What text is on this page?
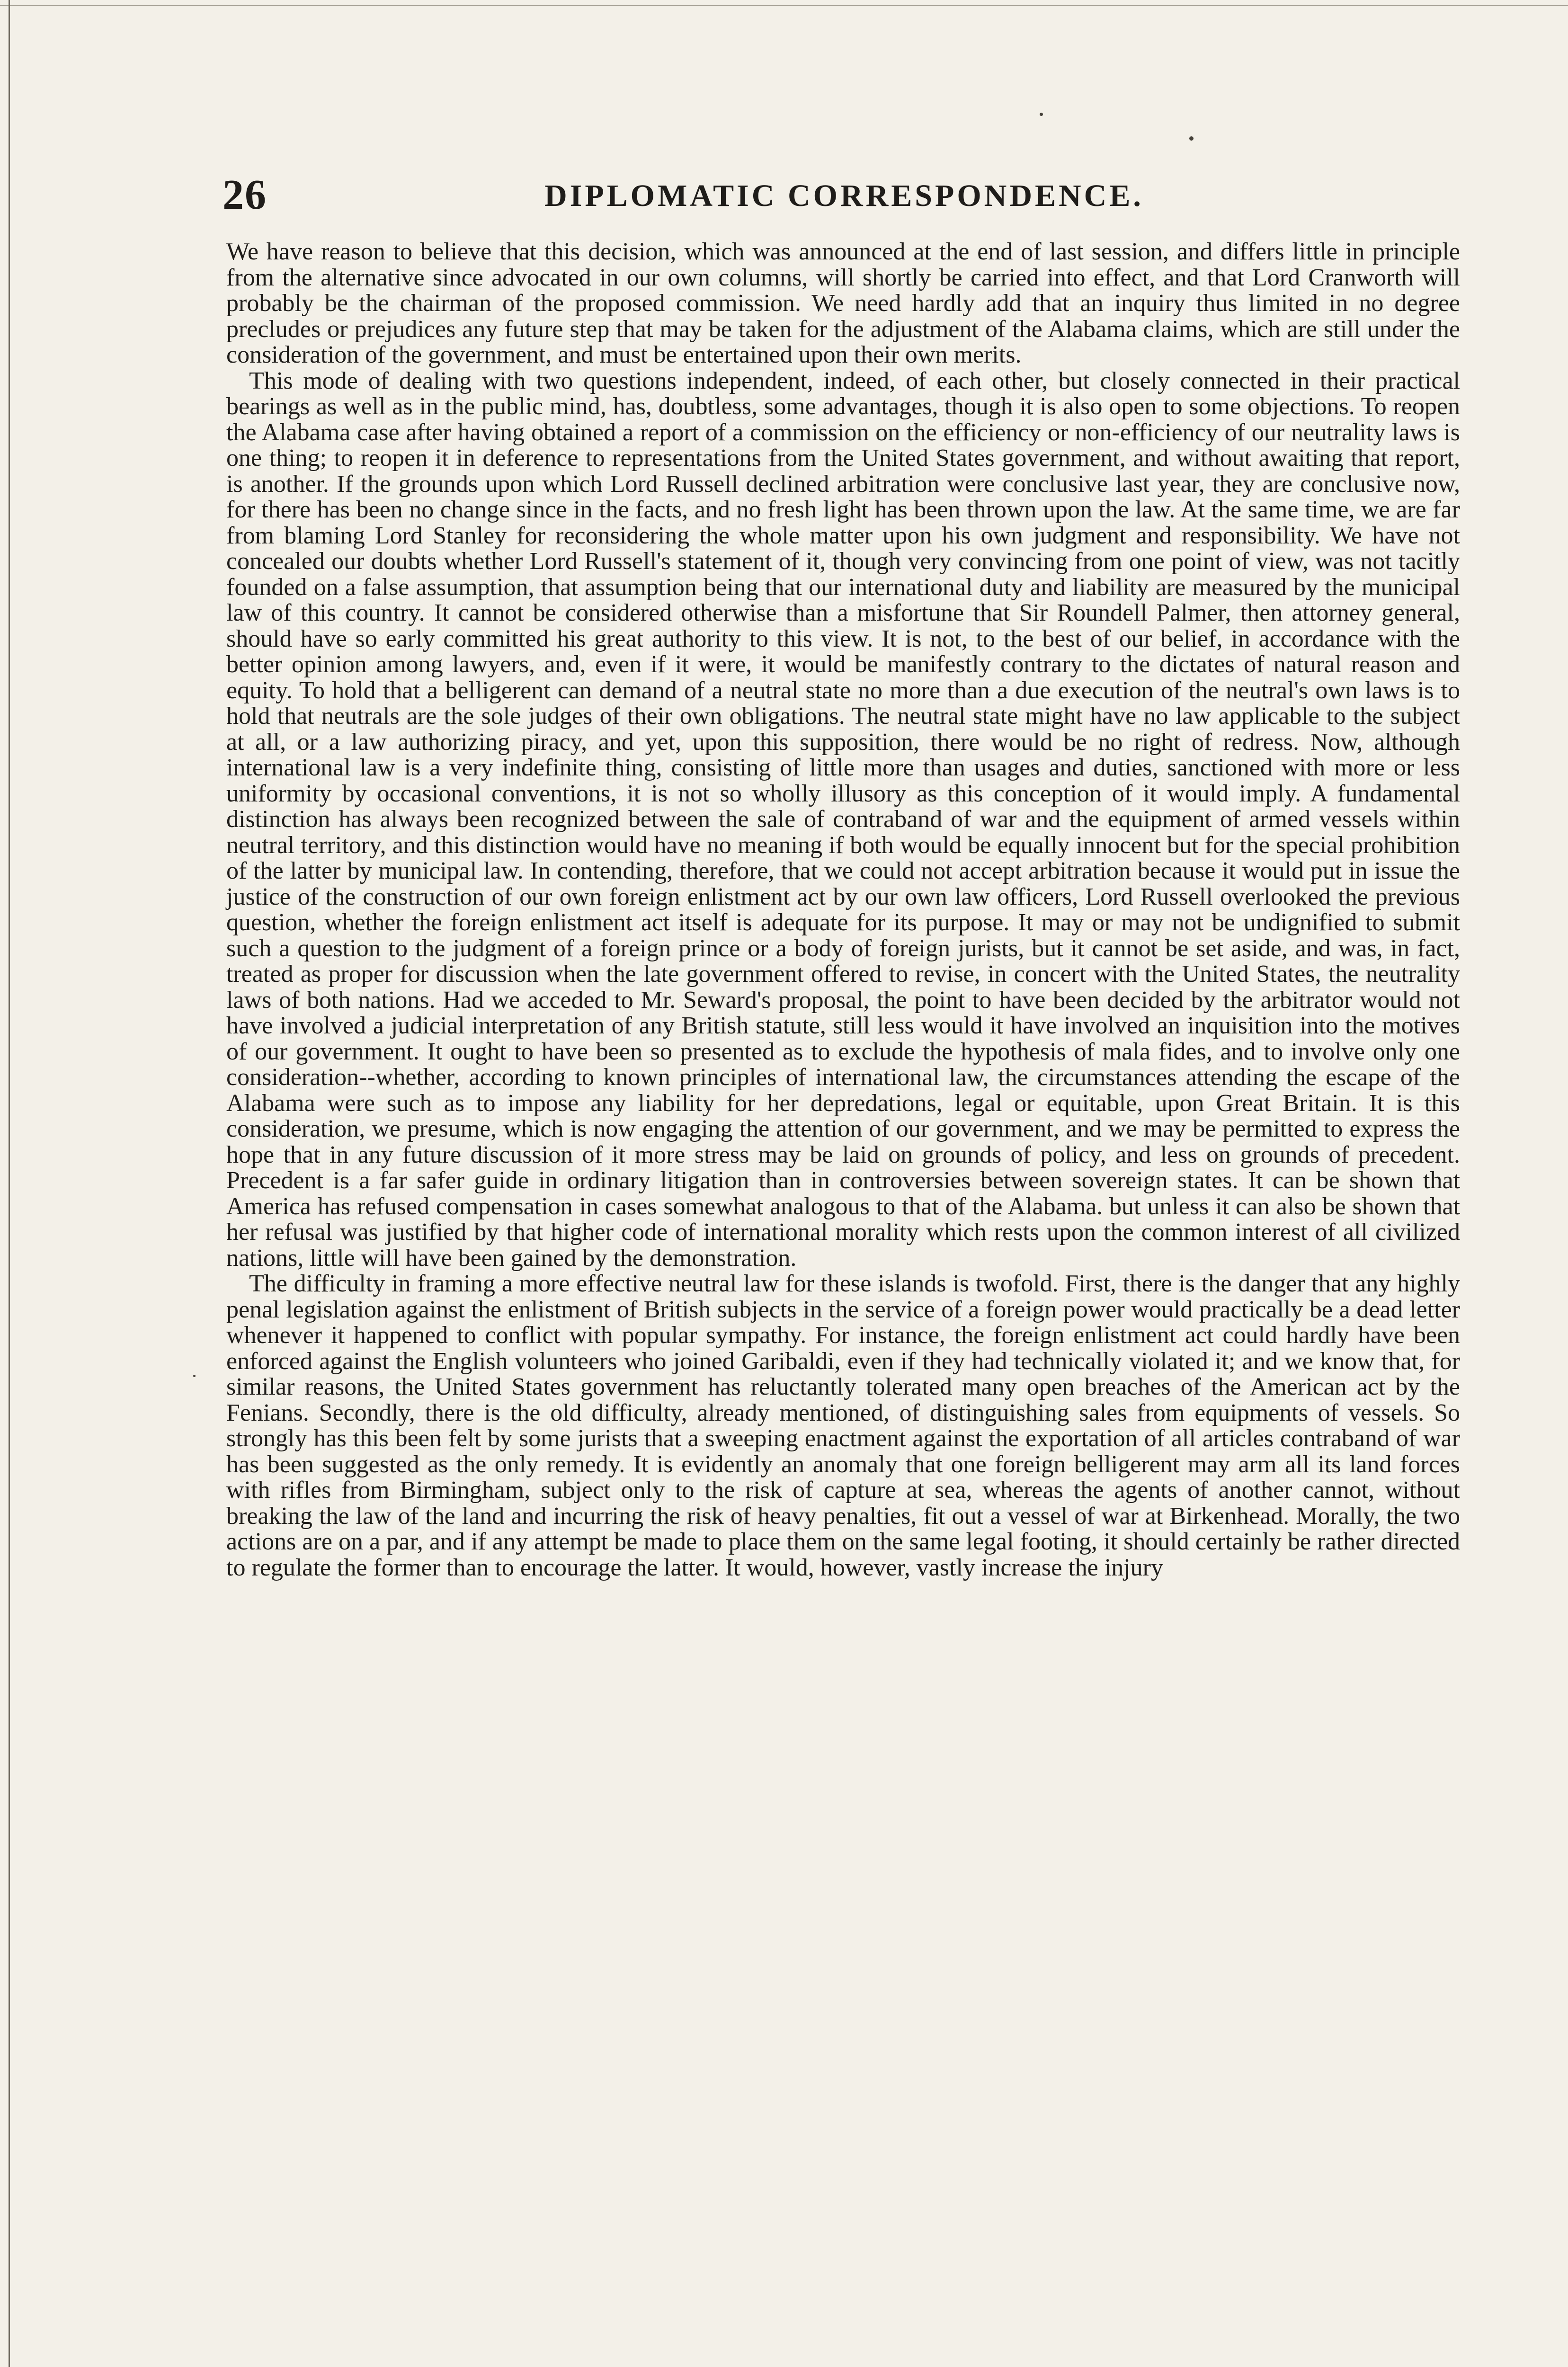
26	DIPLOMATIC CORRESPONDENCE.

We have reason to believe that this decision, which was announced at the end of last session, and differs little in principle from the alternative since advocated in our own columns, will shortly be carried into effect, and that Lord Cranworth will probably be the chairman of the proposed commission. We need hardly add that an inquiry thus limited in no degree precludes or prejudices any future step that may be taken for the adjustment of the Alabama claims, which are still under the consideration of the government, and must be entertained upon their own merits.

This mode of dealing with two questions independent, indeed, of each other, but closely connected in their practical bearings as well as in the public mind, has, doubtless, some advantages, though it is also open to some objections. To reopen the Alabama case after having obtained a report of a commission on the efficiency or non-efficiency of our neutrality laws is one thing; to reopen it in deference to representations from the United States government, and without awaiting that report, is another. If the grounds upon which Lord Russell declined arbitration were conclusive last year, they are conclusive now, for there has been no change since in the facts, and no fresh light has been thrown upon the law. At the same time, we are far from blaming Lord Stanley for reconsidering the whole matter upon his own judgment and responsibility. We have not concealed our doubts whether Lord Russell's statement of it, though very convincing from one point of view, was not tacitly founded on a false assumption, that assumption being that our international duty and liability are measured by the municipal law of this country. It cannot be considered otherwise than a misfortune that Sir Roundell Palmer, then attorney general, should have so early committed his great authority to this view. It is not, to the best of our belief, in accordance with the better opinion among lawyers, and, even if it were, it would be manifestly contrary to the dictates of natural reason and equity. To hold that a belligerent can demand of a neutral state no more than a due execution of the neutral's own laws is to hold that neutrals are the sole judges of their own obligations. The neutral state might have no law applicable to the subject at all, or a law authorizing piracy, and yet, upon this supposition, there would be no right of redress. Now, although international law is a very indefinite thing, consisting of little more than usages and duties, sanctioned with more or less uniformity by occasional conventions, it is not so wholly illusory as this conception of it would imply. A fundamental distinction has always been recognized between the sale of contraband of war and the equipment of armed vessels within neutral territory, and this distinction would have no meaning if both would be equally innocent but for the special prohibition of the latter by municipal law. In contending, therefore, that we could not accept arbitration because it would put in issue the justice of the construction of our own foreign enlistment act by our own law officers, Lord Russell overlooked the previous question, whether the foreign enlistment act itself is adequate for its purpose. It may or may not be undignified to submit such a question to the judgment of a foreign prince or a body of foreign jurists, but it cannot be set aside, and was, in fact, treated as proper for discussion when the late government offered to revise, in concert with the United States, the neutrality laws of both nations. Had we acceded to Mr. Seward's proposal, the point to have been decided by the arbitrator would not have involved a judicial interpretation of any British statute, still less would it have involved an inquisition into the motives of our government. It ought to have been so presented as to exclude the hypothesis of mala fides, and to involve only one consideration--whether, according to known principles of international law, the circumstances attending the escape of the Alabama were such as to impose any liability for her depredations, legal or equitable, upon Great Britain. It is this consideration, we presume, which is now engaging the attention of our government, and we may be permitted to express the hope that in any future discussion of it more stress may be laid on grounds of policy, and less on grounds of precedent. Precedent is a far safer guide in ordinary litigation than in controversies between sovereign states. It can be shown that America has refused compensation in cases somewhat analogous to that of the Alabama. but unless it can also be shown that her refusal was justified by that higher code of international morality which rests upon the common interest of all civilized nations, little will have been gained by the demonstration.

The difficulty in framing a more effective neutral law for these islands is twofold. First, there is the danger that any highly penal legislation against the enlistment of British subjects in the service of a foreign power would practically be a dead letter whenever it happened to conflict with popular sympathy. For instance, the foreign enlistment act could hardly have been enforced against the English volunteers who joined Garibaldi, even if they had technically violated it; and we know that, for similar reasons, the United States government has reluctantly tolerated many open breaches of the American act by the Fenians. Secondly, there is the old difficulty, already mentioned, of distinguishing sales from equipments of vessels. So strongly has this been felt by some jurists that a sweeping enactment against the exportation of all articles contraband of war has been suggested as the only remedy. It is evidently an anomaly that one foreign belligerent may arm all its land forces with rifles from Birmingham, subject only to the risk of capture at sea, whereas the agents of another cannot, without breaking the law of the land and incurring the risk of heavy penalties, fit out a vessel of war at Birkenhead. Morally, the two actions are on a par, and if any attempt be made to place them on the same legal footing, it should certainly be rather directed to regulate the former than to encourage the latter. It would, however, vastly increase the injury
